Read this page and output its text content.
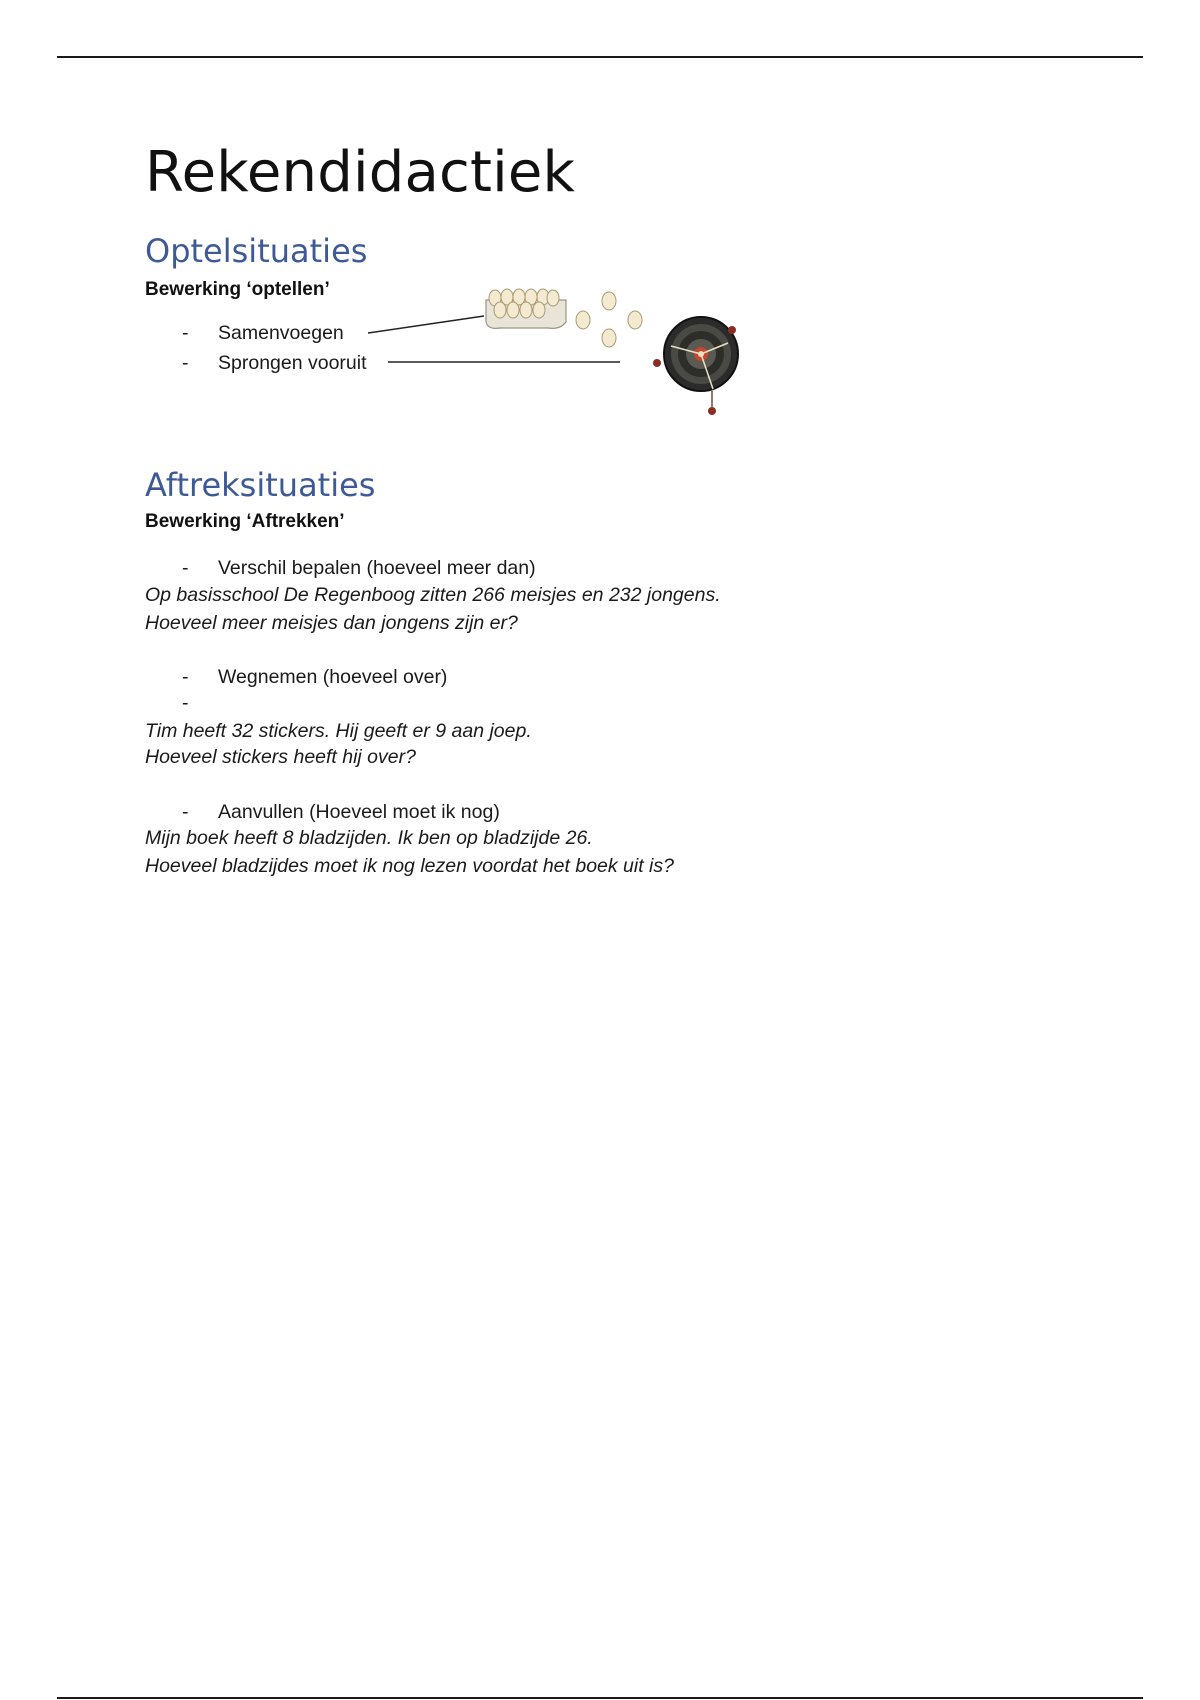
Rekendidactiek
Optelsituaties

Bewerking ‘optellen’

- Samenvoegen
- Sprongen vooruit
Aftreksituaties

Bewerking ‘Aftrekken’

- Verschil bepalen (hoeveel meer dan)

Op basisschool De Regenboog zitten 266 meisjes en 232 jongens.

Hoeveel meer meisjes dan jongens zijn er?

- Wegnemen (hoeveel over)
-

Tim heeft 32 stickers. Hij geeft er 9 aan joep.

Hoeveel stickers heeft hij over?

- Aanvullen (Hoeveel moet ik nog)

Mijn boek heeft 8 bladzijden. Ik ben op bladzijde 26.

Hoeveel bladzijdes moet ik nog lezen voordat het boek uit is?
